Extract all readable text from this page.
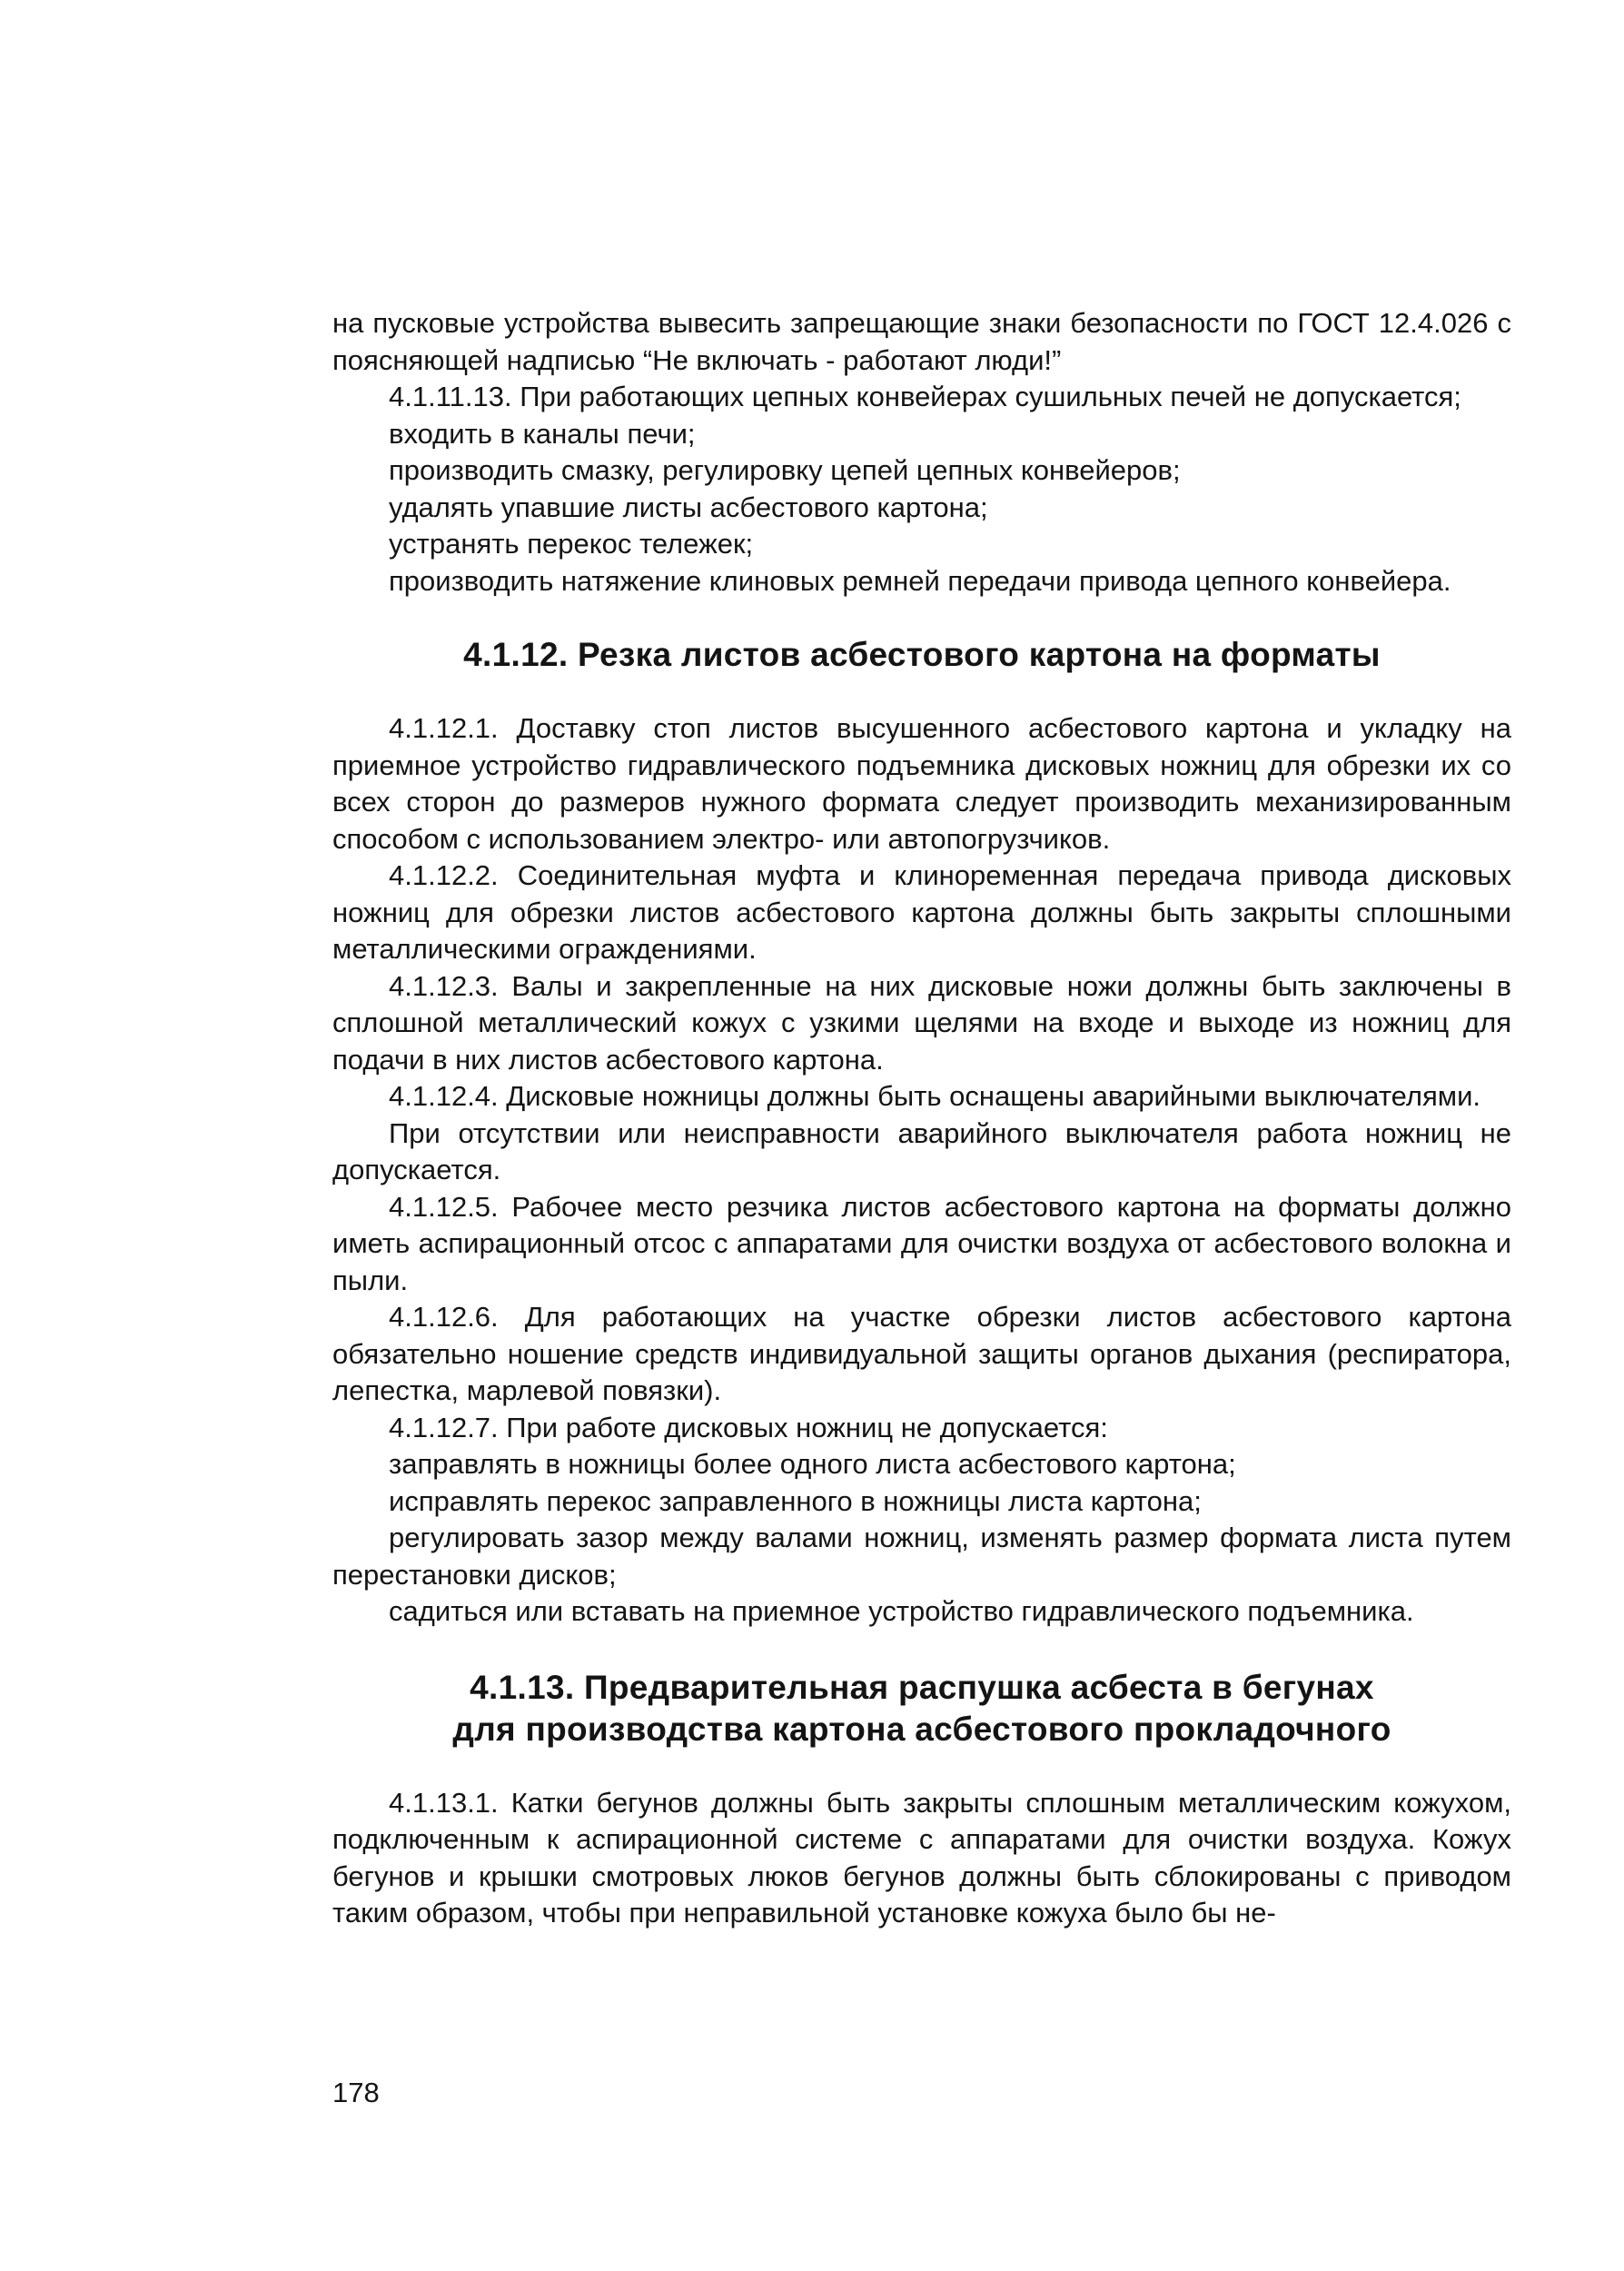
на пусковые устройства вывесить запрещающие знаки безопасности по ГОСТ 12.4.026 с поясняющей надписью “Не включать - работают люди!”

4.1.11.13. При работающих цепных конвейерах сушильных печей не допускается;

входить в каналы печи;

производить смазку, регулировку цепей цепных конвейеров;

удалять упавшие листы асбестового картона;

устранять перекос тележек;

производить натяжение клиновых ремней передачи привода цепного конвейера.

4.1.12. Резка листов асбестового картона на форматы

4.1.12.1. Доставку стоп листов высушенного асбестового картона и укладку на приемное устройство гидравлического подъемника дисковых ножниц для обрезки их со всех сторон до размеров нужного формата следует производить механизированным способом с использованием электро- или автопогрузчиков.

4.1.12.2. Соединительная муфта и клиноременная передача привода дисковых ножниц для обрезки листов асбестового картона должны быть закрыты сплошными металлическими ограждениями.

4.1.12.3. Валы и закрепленные на них дисковые ножи должны быть заключены в сплошной металлический кожух с узкими щелями на входе и выходе из ножниц для подачи в них листов асбестового картона.

4.1.12.4. Дисковые ножницы должны быть оснащены аварийными выключателями.

При отсутствии или неисправности аварийного выключателя работа ножниц не допускается.

4.1.12.5. Рабочее место резчика листов асбестового картона на форматы должно иметь аспирационный отсос с аппаратами для очистки воздуха от асбестового волокна и пыли.

4.1.12.6. Для работающих на участке обрезки листов асбестового картона обязательно ношение средств индивидуальной защиты органов дыхания (респиратора, лепестка, марлевой повязки).

4.1.12.7. При работе дисковых ножниц не допускается:

заправлять в ножницы более одного листа асбестового картона;

исправлять перекос заправленного в ножницы листа картона;

регулировать зазор между валами ножниц, изменять размер формата листа путем перестановки дисков;

садиться или вставать на приемное устройство гидравлического подъемника.

4.1.13. Предварительная распушка асбеста в бегунах
для производства картона асбестового прокладочного

4.1.13.1. Катки бегунов должны быть закрыты сплошным металлическим кожухом, подключенным к аспирационной системе с аппаратами для очистки воздуха. Кожух бегунов и крышки смотровых люков бегунов должны быть сблокированы с приводом таким образом, чтобы при неправильной установке кожуха было бы не-

178
